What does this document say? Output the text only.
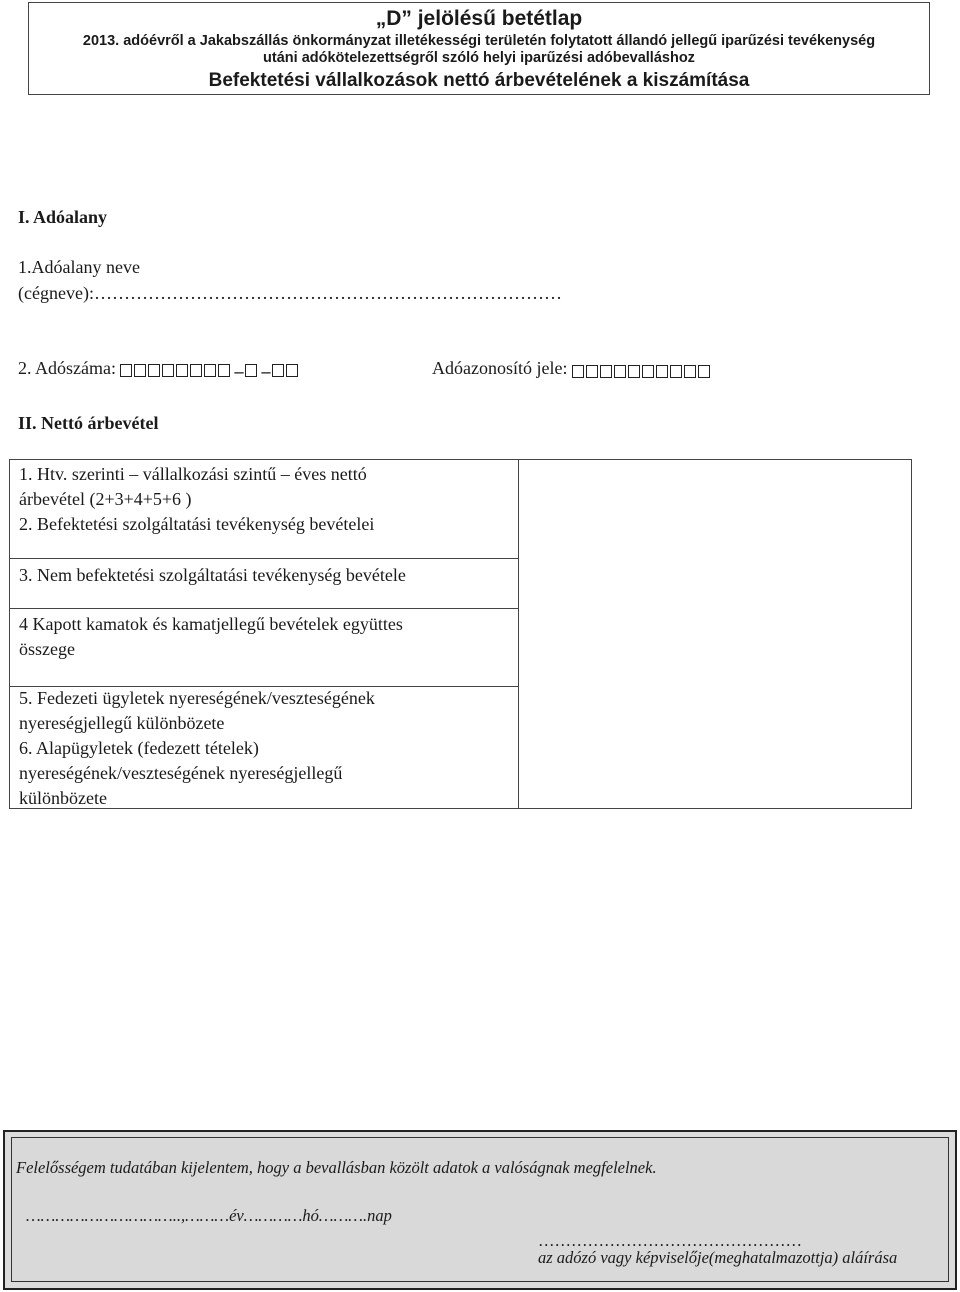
„D” jelölésű betétlap
2013. adóévről a Jakabszállás önkormányzat illetékességi területén folytatott állandó jellegű iparűzési tevékenység
utáni adókötelezettségről szóló helyi iparűzési adóbevalláshoz
Befektetési vállalkozások nettó árbevételének a kiszámítása
I. Adóalany
1.Adóalany neve
(cégneve):……………………………………………………………………
2. Adószáma:	– –	Adóazonosító jele:
II. Nettó árbevétel
1. Htv. szerinti – vállalkozási szintű – éves nettó
árbevétel (2+3+4+5+6 )
2. Befektetési szolgáltatási tevékenység bevételei
3. Nem befektetési szolgáltatási tevékenység bevétele
4 Kapott kamatok és kamatjellegű bevételek együttes
összege
5. Fedezeti ügyletek nyereségének/veszteségének
nyereségjellegű különbözete
6. Alapügyletek (fedezett tételek)
nyereségének/veszteségének nyereségjellegű
különbözete
Felelősségem tudatában kijelentem, hogy a bevallásban közölt adatok a valóságnak megfelelnek.
…………………………..,………év…………hó……….nap
…………………………………………
az adózó vagy képviselője(meghatalmazottja) aláírása
